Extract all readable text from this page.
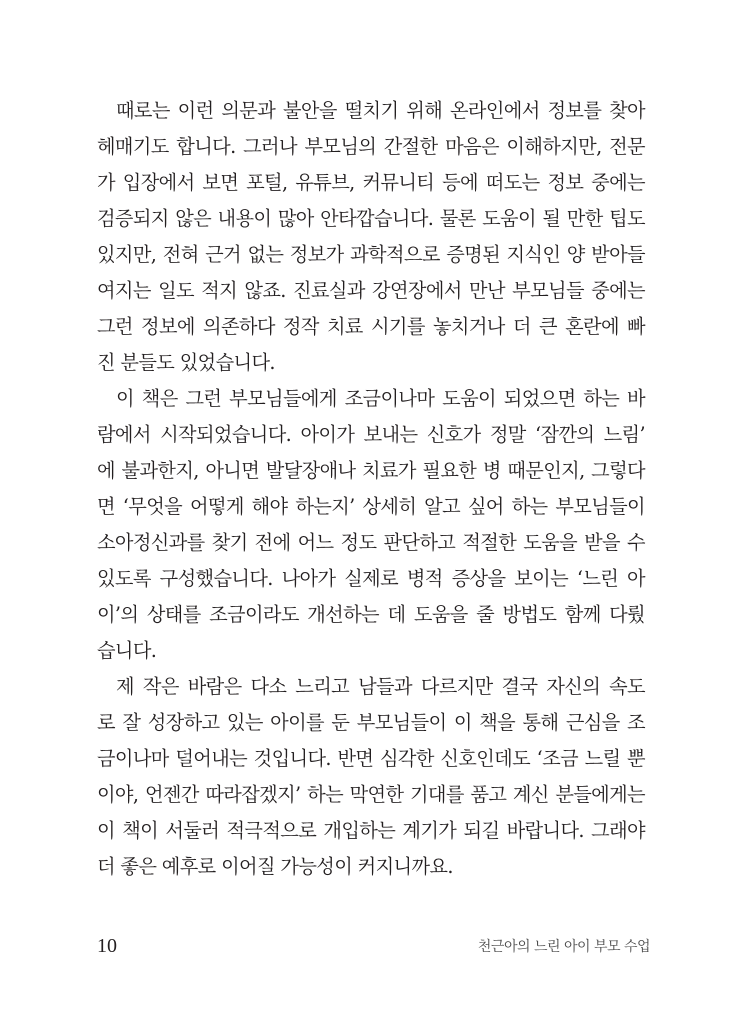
때로는 이런 의문과 불안을 떨치기 위해 온라인에서 정보를 찾아
헤매기도 합니다. 그러나 부모님의 간절한 마음은 이해하지만, 전문
가 입장에서 보면 포털, 유튜브, 커뮤니티 등에 떠도는 정보 중에는
검증되지 않은 내용이 많아 안타깝습니다. 물론 도움이 될 만한 팁도
있지만, 전혀 근거 없는 정보가 과학적으로 증명된 지식인 양 받아들
여지는 일도 적지 않죠. 진료실과 강연장에서 만난 부모님들 중에는
그런 정보에 의존하다 정작 치료 시기를 놓치거나 더 큰 혼란에 빠
진 분들도 있었습니다.
이 책은 그런 부모님들에게 조금이나마 도움이 되었으면 하는 바
람에서 시작되었습니다. 아이가 보내는 신호가 정말 ‘잠깐의 느림’
에 불과한지, 아니면 발달장애나 치료가 필요한 병 때문인지, 그렇다
면 ‘무엇을 어떻게 해야 하는지’ 상세히 알고 싶어 하는 부모님들이
소아정신과를 찾기 전에 어느 정도 판단하고 적절한 도움을 받을 수
있도록 구성했습니다. 나아가 실제로 병적 증상을 보이는 ‘느린 아
이’의 상태를 조금이라도 개선하는 데 도움을 줄 방법도 함께 다뤘
습니다.
제 작은 바람은 다소 느리고 남들과 다르지만 결국 자신의 속도
로 잘 성장하고 있는 아이를 둔 부모님들이 이 책을 통해 근심을 조
금이나마 덜어내는 것입니다. 반면 심각한 신호인데도 ‘조금 느릴 뿐
이야, 언젠간 따라잡겠지’ 하는 막연한 기대를 품고 계신 분들에게는
이 책이 서둘러 적극적으로 개입하는 계기가 되길 바랍니다. 그래야
더 좋은 예후로 이어질 가능성이 커지니까요.
10	천근아의 느린 아이 부모 수업
